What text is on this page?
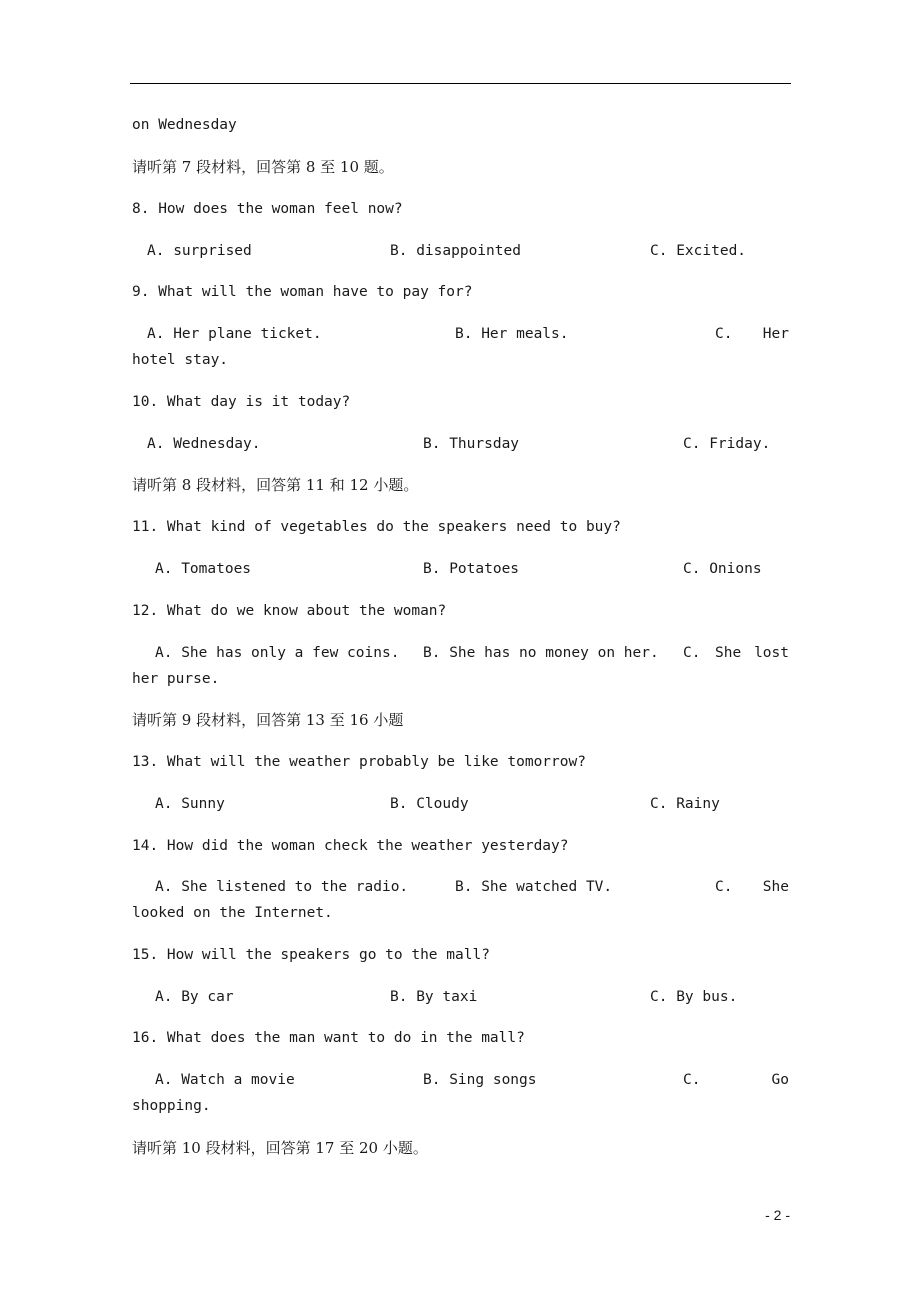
on Wednesday
请听第 7 段材料，回答第 8 至 10 题。
8. How does the woman feel now?
A. surprised	B. disappointed	C. Excited.
9. What will the woman have to pay for?
A. Her plane ticket.	B. Her meals.	C. Her
hotel stay.
10. What day is it today?
A. Wednesday.	B. Thursday	C. Friday.
请听第 8 段材料，回答第 11 和 12 小题。
11. What kind of vegetables do the speakers need to buy?
A. Tomatoes	B. Potatoes	C. Onions
12. What do we know about the woman?
A. She has only a few coins. B. She has no money on her. C. She lost
her purse.
请听第 9 段材料，回答第 13 至 16 小题
13. What will the weather probably be like tomorrow?
A. Sunny	B. Cloudy	C. Rainy
14. How did the woman check the weather yesterday?
A. She listened to the radio.	B. She watched TV.	C. She
looked on the Internet.
15. How will the speakers go to the mall?
A. By car	B. By taxi	C. By bus.
16. What does the man want to do in the mall?
A. Watch a movie	B. Sing songs	C.	Go
shopping.
请听第 10 段材料，回答第 17 至 20 小题。
- 2 -
